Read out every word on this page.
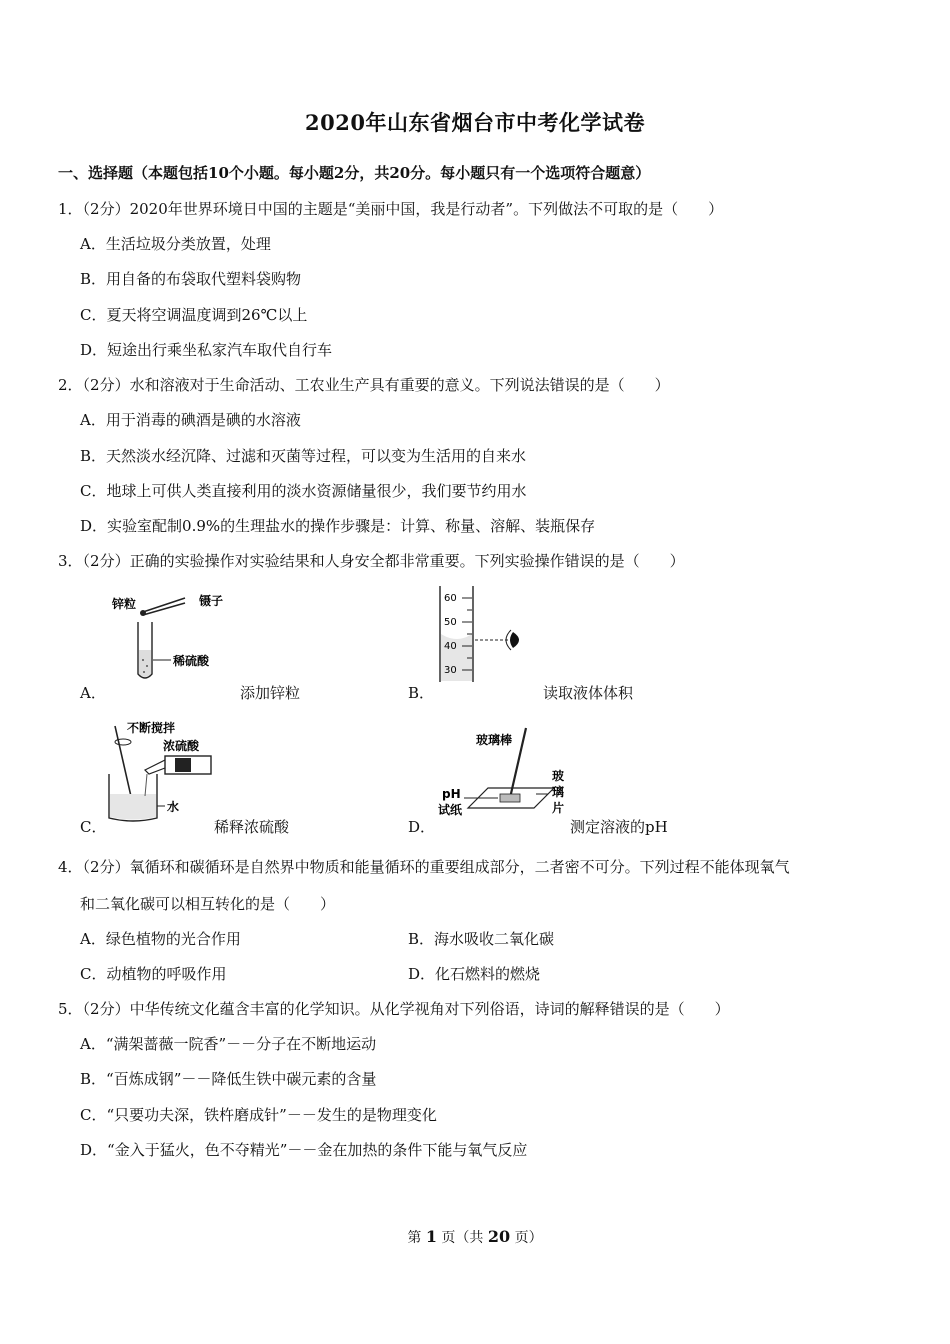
2020年山东省烟台市中考化学试卷
一、选择题（本题包括10个小题。每小题2分，共20分。每小题只有一个选项符合题意）
1．（2分）2020年世界环境日中国的主题是“美丽中国，我是行动者”。下列做法不可取的是（　　）
A．生活垃圾分类放置，处理
B．用自备的布袋取代塑料袋购物
C．夏天将空调温度调到26℃以上
D．短途出行乘坐私家汽车取代自行车
2．（2分）水和溶液对于生命活动、工农业生产具有重要的意义。下列说法错误的是（　　）
A．用于消毒的碘酒是碘的水溶液
B．天然淡水经沉降、过滤和灭菌等过程，可以变为生活用的自来水
C．地球上可供人类直接利用的淡水资源储量很少，我们要节约用水
D．实验室配制0.9%的生理盐水的操作步骤是：计算、称量、溶解、装瓶保存
3．（2分）正确的实验操作对实验结果和人身安全都非常重要。下列实验操作错误的是（　　）
锌粒	镊子
稀硫酸
A．	添加锌粒
60
50
40
30
B．	读取液体体积
不断搅拌
浓硫酸
水
C．	稀释浓硫酸
玻璃棒
pH
试纸
玻
璃
片
D．	测定溶液的pH
4．（2分）氧循环和碳循环是自然界中物质和能量循环的重要组成部分，二者密不可分。下列过程不能体现氧气
和二氧化碳可以相互转化的是（　　）
A．绿色植物的光合作用	B．海水吸收二氧化碳
C．动植物的呼吸作用	D．化石燃料的燃烧
5．（2分）中华传统文化蕴含丰富的化学知识。从化学视角对下列俗语，诗词的解释错误的是（　　）
A．“满架蔷薇一院香”－－分子在不断地运动
B．“百炼成钢”－－降低生铁中碳元素的含量
C．“只要功夫深，铁杵磨成针”－－发生的是物理变化
D．“金入于猛火，色不夺精光”－－金在加热的条件下能与氧气反应
第 1 页（共 20 页）
